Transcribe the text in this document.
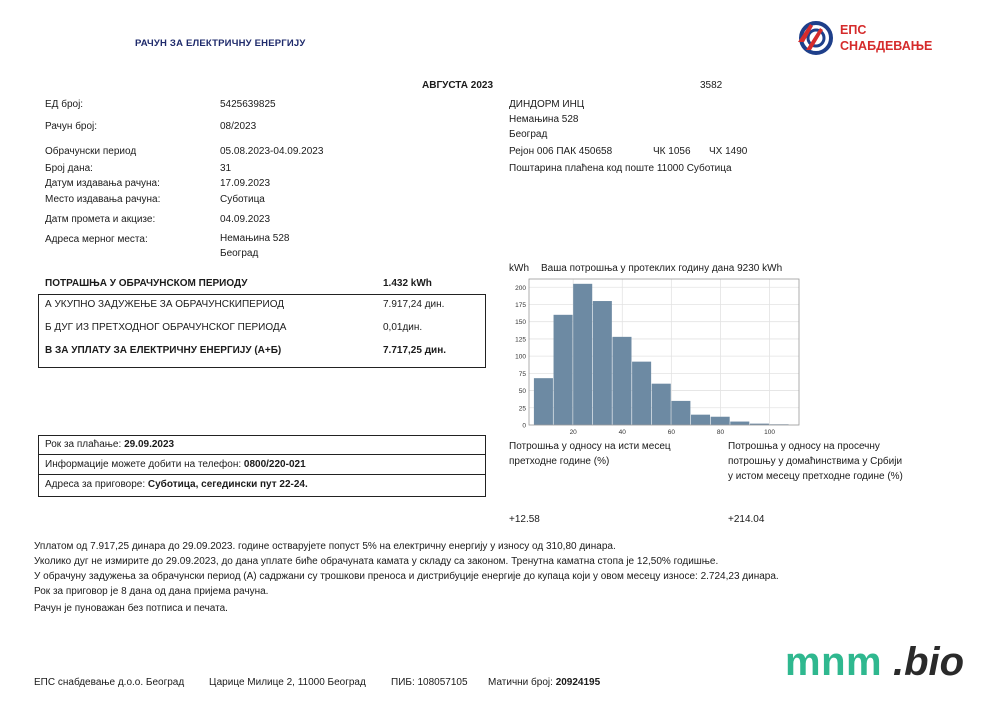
РАЧУН ЗА ЕЛЕКТРИЧНУ ЕНЕРГИЈУ
ЕПС
СНАБДЕВАЊЕ
АВГУСТА 2023	3582
ЕД број:	5425639825
Рачун број:	08/2023
Обрачунски период	05.08.2023-04.09.2023
Број дана:	31
Датум издавања рачуна:	17.09.2023
Место издавања рачуна:	Суботица
Датм промета и акцизе:	04.09.2023
Адреса мерног места:	Немањина 528
Београд
ДИНДОРМ ИНЦ
Немањина 528
Београд
Рејон 006 ПАК 450658	ЧК 1056 ЧХ 1490
Поштарина плаћена код поште 11000 Суботица
ПОТРАШЊА У ОБРАЧУНСКОМ ПЕРИОДУ	1.432 kWh
А УКУПНО ЗАДУЖЕЊЕ ЗА ОБРАЧУНСКИПЕРИОД	7.917,24 дин.
Б ДУГ ИЗ ПРЕТХОДНОГ ОБРАЧУНСКОГ ПЕРИОДА	0,01дин.
В ЗА УПЛАТУ ЗА ЕЛЕКТРИЧНУ ЕНЕРГИЈУ (А+Б)	7.717,25 дин.
Рок за плаћање: 29.09.2023
Информације можете добити на телефон: 0800/220-021
Адреса за приговоре: Суботица, сегедински пут 22-24.
kWh Ваша потрошња у протеклих годину дана 9230 kWh
0
25
50
75
100
125
150
175
200
20	40	60	80	100
Потрошња у односу на исти месец претходне године (%)
Потрошња у односу на просечну потрошњу у домаћинствима у Србији у истом месецу претходне године (%)
+12.58	+214.04
Уплатом од 7.917,25 динара до 29.09.2023. године остварујете попуст 5% на електричну енергију у износу од 310,80 динара.
Уколико дуг не измирите до 29.09.2023, до дана уплате биће обрачуната камата у складу са законом. Тренутна каматна стопа је 12,50% годишње.
У обрачуну задужења за обрачунски период (А) садржани су трошкови преноса и дистрибуције енергије до купаца који у овом месецу износе: 2.724,23 динара.
Рок за приговор је 8 дана од дана пријема рачуна.
Рачун је пуноважан без потписа и печата.
ЕПС снабдевање д.о.о. Београд Царице Милице 2, 11000 Београд	ПИБ: 108057105 Матични број: 20924195	mnm .bio
